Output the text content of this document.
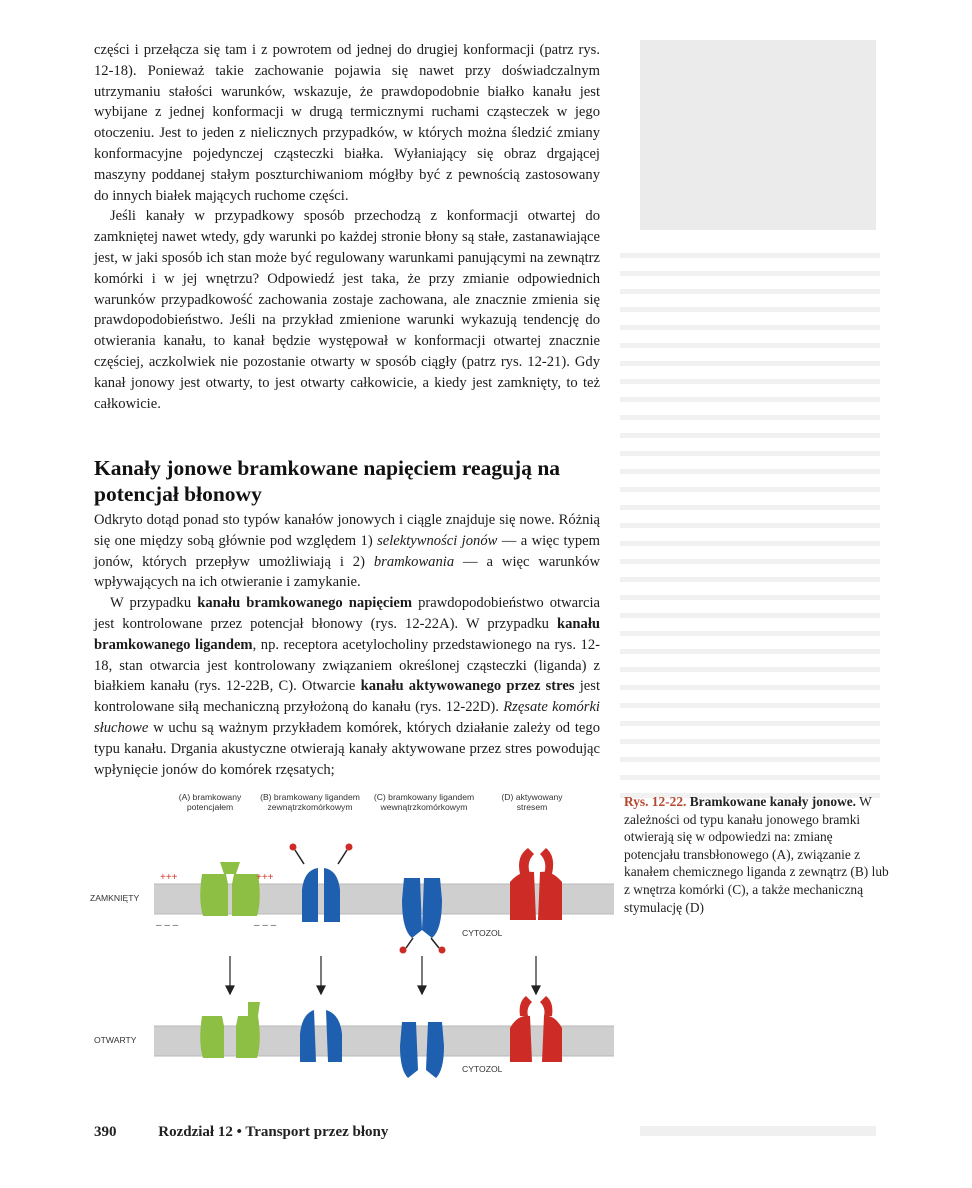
części i przełącza się tam i z powrotem od jednej do drugiej konformacji (patrz rys. 12-18). Ponieważ takie zachowanie pojawia się nawet przy doświadczalnym utrzymaniu stałości warunków, wskazuje, że prawdopodobnie białko kanału jest wybijane z jednej konformacji w drugą termicznymi ruchami cząsteczek w jego otoczeniu. Jest to jeden z nielicznych przypadków, w których można śledzić zmiany konformacyjne pojedynczej cząsteczki białka. Wyłaniający się obraz drgającej maszyny poddanej stałym poszturchiwaniom mógłby być z pewnością zastosowany do innych białek mających ruchome części.

Jeśli kanały w przypadkowy sposób przechodzą z konformacji otwartej do zamkniętej nawet wtedy, gdy warunki po każdej stronie błony są stałe, zastanawiające jest, w jaki sposób ich stan może być regulowany warunkami panującymi na zewnątrz komórki i w jej wnętrzu? Odpowiedź jest taka, że przy zmianie odpowiednich warunków przypadkowość zachowania zostaje zachowana, ale znacznie zmienia się prawdopodobieństwo. Jeśli na przykład zmienione warunki wykazują tendencję do otwierania kanału, to kanał będzie występował w konformacji otwartej znacznie częściej, aczkolwiek nie pozostanie otwarty w sposób ciągły (patrz rys. 12-21). Gdy kanał jonowy jest otwarty, to jest otwarty całkowicie, a kiedy jest zamknięty, to też całkowicie.

Kanały jonowe bramkowane napięciem reagują na potencjał błonowy

Odkryto dotąd ponad sto typów kanałów jonowych i ciągle znajduje się nowe. Różnią się one między sobą głównie pod względem 1) selektywności jonów — a więc typem jonów, których przepływ umożliwiają i 2) bramkowania — a więc warunków wpływających na ich otwieranie i zamykanie.

W przypadku kanału bramkowanego napięciem prawdopodobieństwo otwarcia jest kontrolowane przez potencjał błonowy (rys. 12-22A). W przypadku kanału bramkowanego ligandem, np. receptora acetylocholiny przedstawionego na rys. 12-18, stan otwarcia jest kontrolowany związaniem określonej cząsteczki (liganda) z białkiem kanału (rys. 12-22B, C). Otwarcie kanału aktywowanego przez stres jest kontrolowane siłą mechaniczną przyłożoną do kanału (rys. 12-22D). Rzęsate komórki słuchowe w uchu są ważnym przykładem komórek, których działanie zależy od tego typu kanału. Drgania akustyczne otwierają kanały aktywowane przez stres powodując wpłynięcie jonów do komórek rzęsatych;

(A) bramkowany potencjałem
(B) bramkowany ligandem zewnątrzkomórkowym
(C) bramkowany ligandem wewnątrzkomórkowym
(D) aktywowany stresem
ZAMKNIĘTY
OTWARTY
+++	+++
– – –	– – –
CYTOZOL
CYTOZOL
Rys. 12-22. Bramkowane kanały jonowe. W zależności od typu kanału jonowego bramki otwierają się w odpowiedzi na: zmianę potencjału transbłonowego (A), związanie z kanałem chemicznego liganda z zewnątrz (B) lub z wnętrza komórki (C), a także mechaniczną stymulację (D)
390	Rozdział 12 • Transport przez błony
